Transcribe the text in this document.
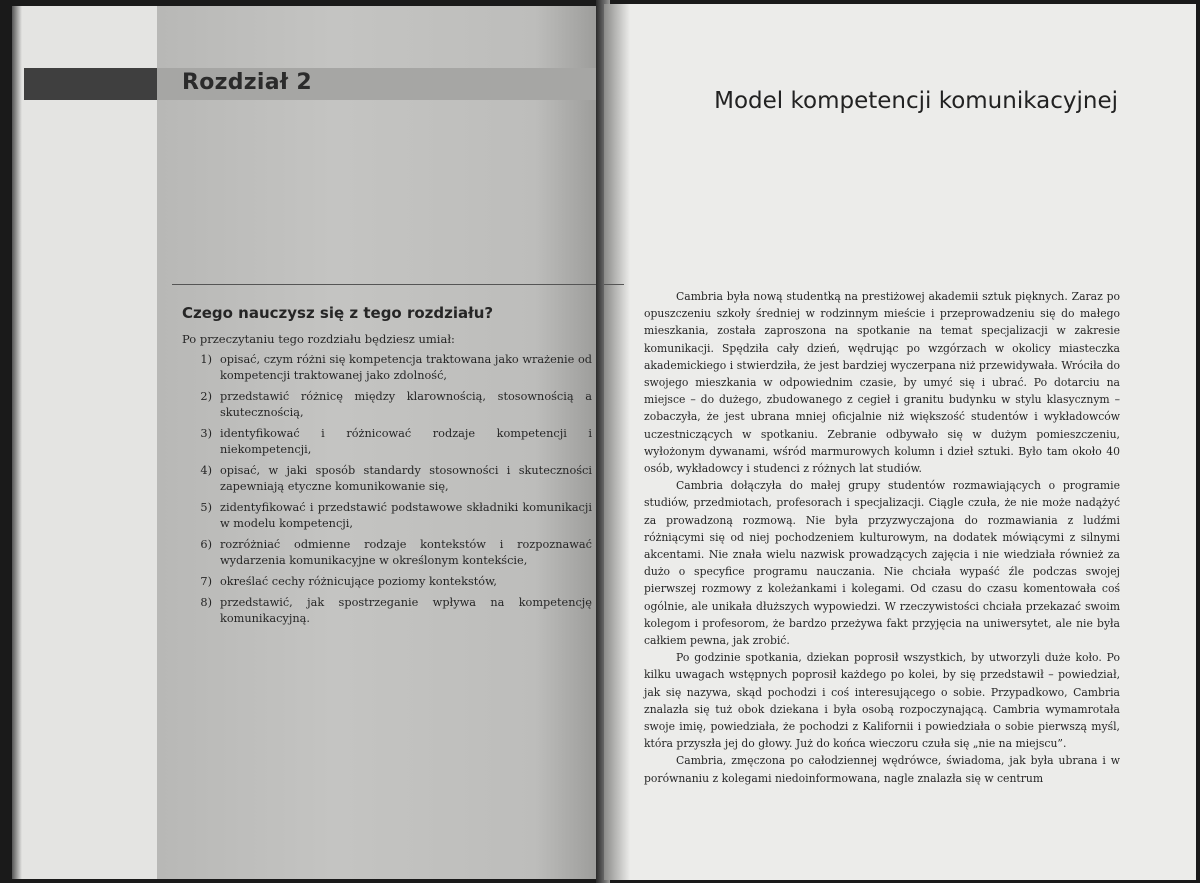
Rozdział 2
Czego nauczysz się z tego rozdziału?
Po przeczytaniu tego rozdziału będziesz umiał:
1) opisać, czym różni się kompetencja traktowana jako wrażenie od kompetencji traktowanej jako zdolność,
2) przedstawić różnicę między klarownością, stosownością a skutecznością,
3) identyfikować i różnicować rodzaje kompetencji i niekompetencji,
4) opisać, w jaki sposób standardy stosowności i skuteczności zapewniają etyczne komunikowanie się,
5) zidentyfikować i przedstawić podstawowe składniki komunikacji w modelu kompetencji,
6) rozróżniać odmienne rodzaje kontekstów i rozpoznawać wydarzenia komunikacyjne w określonym kontekście,
7) określać cechy różnicujące poziomy kontekstów,
8) przedstawić, jak spostrzeganie wpływa na kompetencję komunikacyjną.
Model kompetencji komunikacyjnej

Cambria była nową studentką na prestiżowej akademii sztuk pięknych. Zaraz po opuszczeniu szkoły średniej w rodzinnym mieście i przeprowadzeniu się do małego mieszkania, została zaproszona na spotkanie na temat specjalizacji w zakresie komunikacji. Spędziła cały dzień, wędrując po wzgórzach w okolicy miasteczka akademickiego i stwierdziła, że jest bardziej wyczerpana niż przewidywała. Wróciła do swojego mieszkania w odpowiednim czasie, by umyć się i ubrać. Po dotarciu na miejsce – do dużego, zbudowanego z cegieł i granitu budynku w stylu klasycznym – zobaczyła, że jest ubrana mniej oficjalnie niż większość studentów i wykładowców uczestniczących w spotkaniu. Zebranie odbywało się w dużym pomieszczeniu, wyłożonym dywanami, wśród marmurowych kolumn i dzieł sztuki. Było tam około 40 osób, wykładowcy i studenci z różnych lat studiów.

Cambria dołączyła do małej grupy studentów rozmawiających o programie studiów, przedmiotach, profesorach i specjalizacji. Ciągle czuła, że nie może nadążyć za prowadzoną rozmową. Nie była przyzwyczajona do rozmawiania z ludźmi różniącymi się od niej pochodzeniem kulturowym, na dodatek mówiącymi z silnymi akcentami. Nie znała wielu nazwisk prowadzących zajęcia i nie wiedziała również za dużo o specyfice programu nauczania. Nie chciała wypaść źle podczas swojej pierwszej rozmowy z koleżankami i kolegami. Od czasu do czasu komentowała coś ogólnie, ale unikała dłuższych wypowiedzi. W rzeczywistości chciała przekazać swoim kolegom i profesorom, że bardzo przeżywa fakt przyjęcia na uniwersytet, ale nie była całkiem pewna, jak zrobić.

Po godzinie spotkania, dziekan poprosił wszystkich, by utworzyli duże koło. Po kilku uwagach wstępnych poprosił każdego po kolei, by się przedstawił – powiedział, jak się nazywa, skąd pochodzi i coś interesującego o sobie. Przypadkowo, Cambria znalazła się tuż obok dziekana i była osobą rozpoczynającą. Cambria wymamrotała swoje imię, powiedziała, że pochodzi z Kalifornii i powiedziała o sobie pierwszą myśl, która przyszła jej do głowy. Już do końca wieczoru czuła się „nie na miejscu”.

Cambria, zmęczona po całodziennej wędrówce, świadoma, jak była ubrana i w porównaniu z kolegami niedoinformowana, nagle znalazła się w centrum
